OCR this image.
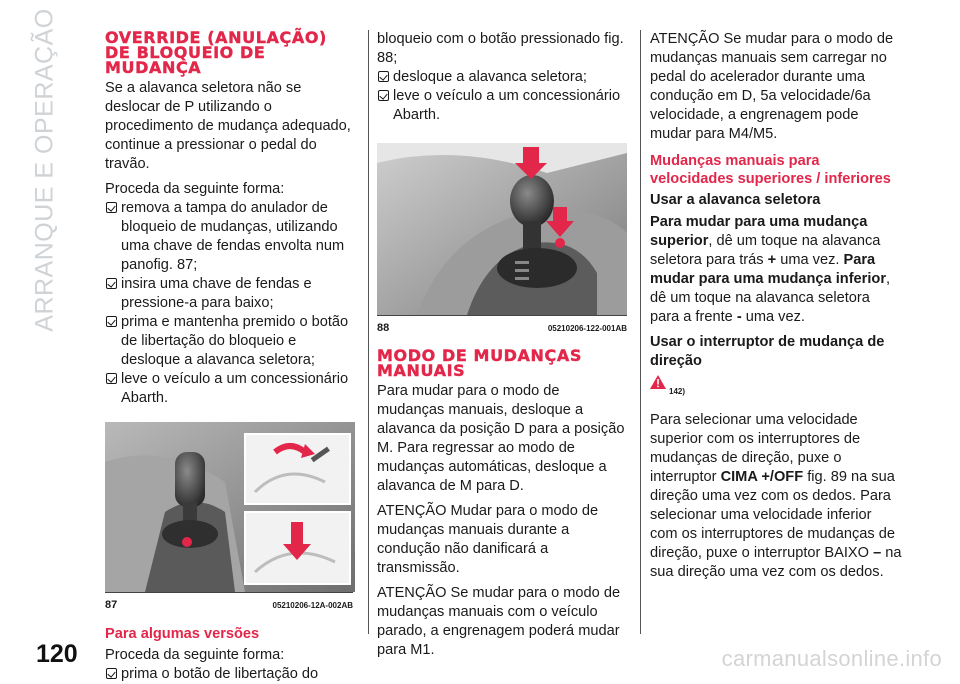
ARRANQUE E OPERAÇÃO	OVERRIDE (ANULAÇÃO) DE BLOQUEIO DE MUDANÇA

Se a alavanca seletora não se deslocar de P utilizando o procedimento de mudança adequado, continue a pressionar o pedal do travão.

Proceda da seguinte forma:

remova a tampa do anulador de bloqueio de mudanças, utilizando uma chave de fendas envolta num panofig. 87;
insira uma chave de fendas e pressione-a para baixo;
prima e mantenha premido o botão de libertação do bloqueio e desloque a alavanca seletora;
leve o veículo a um concessionário Abarth.
87	05210206-12A-002AB
Para algumas versões

Proceda da seguinte forma:

prima o botão de libertação do
bloqueio com o botão pressionado fig. 88;
desloque a alavanca seletora;
leve o veículo a um concessionário Abarth.
88	05210206-122-001AB
MODO DE MUDANÇAS MANUAIS

Para mudar para o modo de mudanças manuais, desloque a alavanca da posição D para a posição M. Para regressar ao modo de mudanças automáticas, desloque a alavanca de M para D.

ATENÇÃO Mudar para o modo de mudanças manuais durante a condução não danificará a transmissão.

ATENÇÃO Se mudar para o modo de mudanças manuais com o veículo parado, a engrenagem poderá mudar para M1.

ATENÇÃO Se mudar para o modo de mudanças manuais sem carregar no pedal do acelerador durante uma condução em D, 5a velocidade/6a velocidade, a engrenagem pode mudar para M4/M5.

Mudanças manuais para velocidades superiores / inferiores
Usar a alavanca seletora

Para mudar para uma mudança superior, dê um toque na alavanca seletora para trás + uma vez. Para mudar para uma mudança inferior, dê um toque na alavanca seletora para a frente - uma vez.

Usar o interruptor de mudança de direção
142)

Para selecionar uma velocidade superior com os interruptores de mudanças de direção, puxe o interruptor CIMA +/OFF fig. 89 na sua direção uma vez com os dedos. Para selecionar uma velocidade inferior com os interruptores de mudanças de direção, puxe o interruptor BAIXO – na sua direção uma vez com os dedos.

120	carmanualsonline.info
